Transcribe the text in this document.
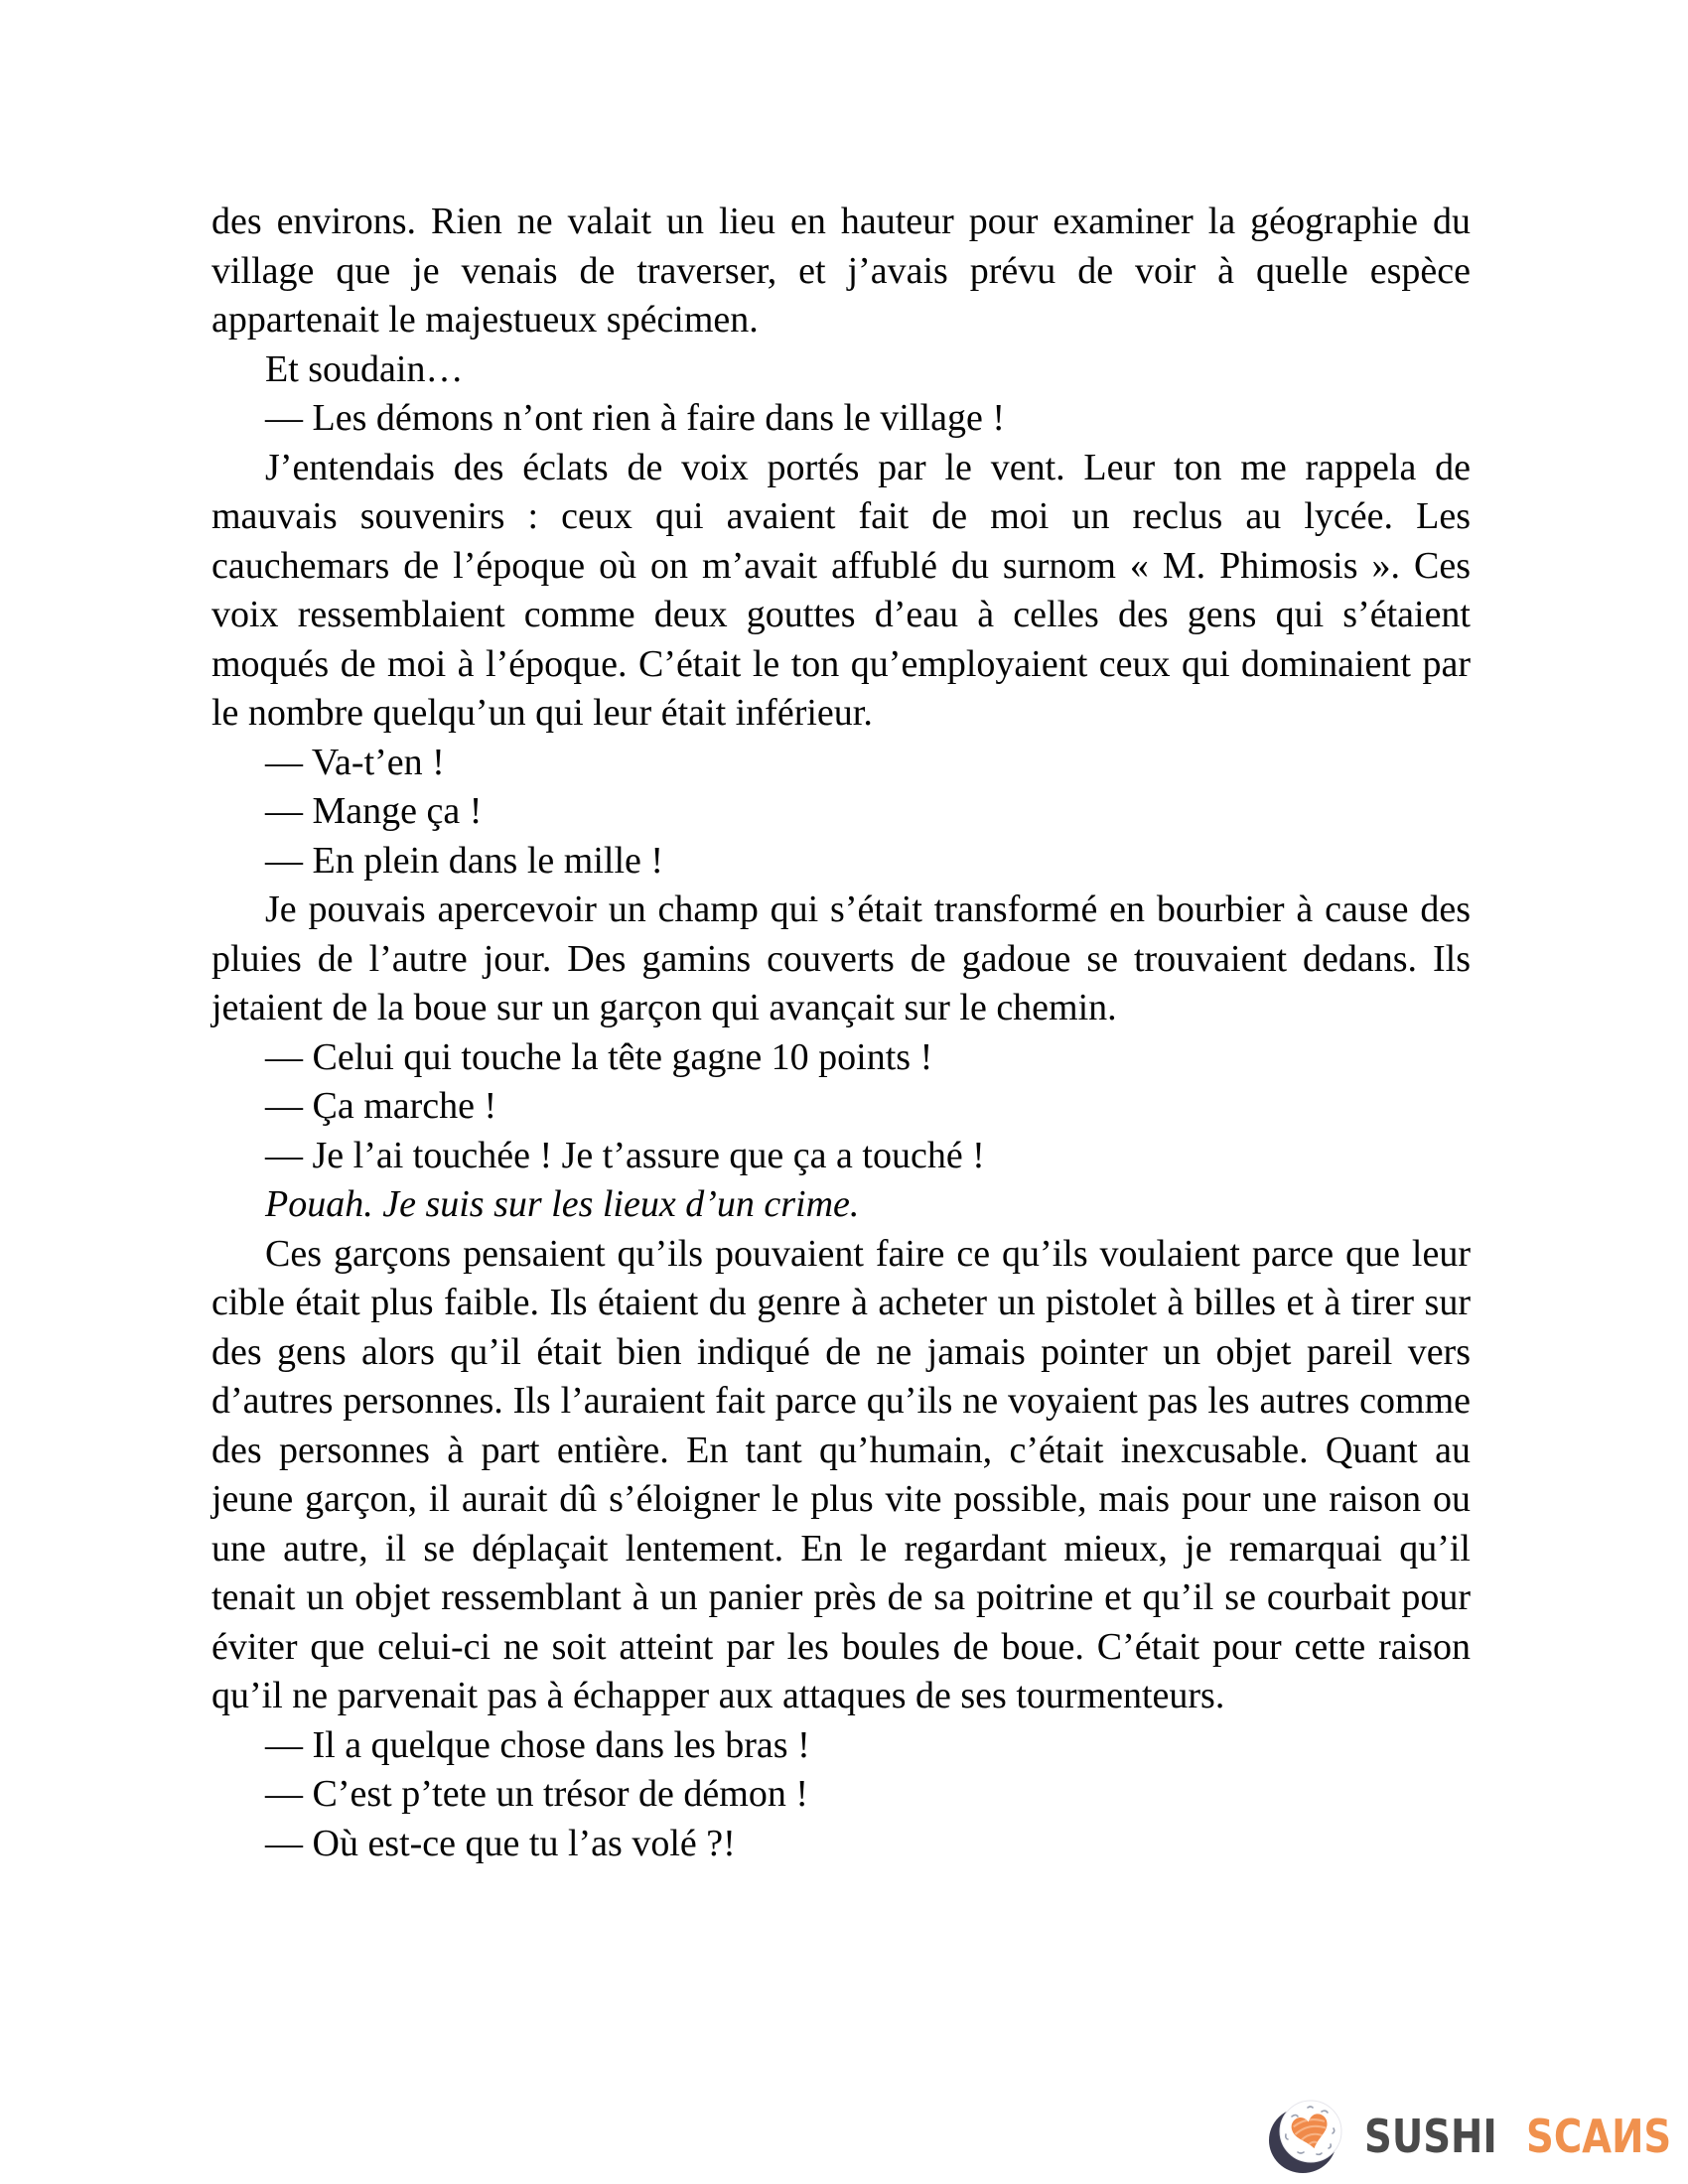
des environs. Rien ne valait un lieu en hauteur pour examiner la géographie du village que je venais de traverser, et j’avais prévu de voir à quelle espèce appartenait le majestueux spécimen.

Et soudain…

— Les démons n’ont rien à faire dans le village !

J’entendais des éclats de voix portés par le vent. Leur ton me rappela de mauvais souvenirs : ceux qui avaient fait de moi un reclus au lycée. Les cauchemars de l’époque où on m’avait affublé du surnom « M. Phimosis ». Ces voix ressemblaient comme deux gouttes d’eau à celles des gens qui s’étaient moqués de moi à l’époque. C’était le ton qu’employaient ceux qui dominaient par le nombre quelqu’un qui leur était inférieur.

— Va-t’en !

— Mange ça !

— En plein dans le mille !

Je pouvais apercevoir un champ qui s’était transformé en bourbier à cause des pluies de l’autre jour. Des gamins couverts de gadoue se trouvaient dedans. Ils jetaient de la boue sur un garçon qui avançait sur le chemin.

— Celui qui touche la tête gagne 10 points !

— Ça marche !

— Je l’ai touchée ! Je t’assure que ça a touché !

Pouah. Je suis sur les lieux d’un crime.

Ces garçons pensaient qu’ils pouvaient faire ce qu’ils voulaient parce que leur cible était plus faible. Ils étaient du genre à acheter un pistolet à billes et à tirer sur des gens alors qu’il était bien indiqué de ne jamais pointer un objet pareil vers d’autres personnes. Ils l’auraient fait parce qu’ils ne voyaient pas les autres comme des personnes à part entière. En tant qu’humain, c’était inexcusable. Quant au jeune garçon, il aurait dû s’éloigner le plus vite possible, mais pour une raison ou une autre, il se déplaçait lentement. En le regardant mieux, je remarquai qu’il tenait un objet ressemblant à un panier près de sa poitrine et qu’il se courbait pour éviter que celui-ci ne soit atteint par les boules de boue. C’était pour cette raison qu’il ne parvenait pas à échapper aux attaques de ses tourmenteurs.

— Il a quelque chose dans les bras !

— C’est p’tete un trésor de démon !

— Où est-ce que tu l’as volé ?!

SUSHI SCAИS
